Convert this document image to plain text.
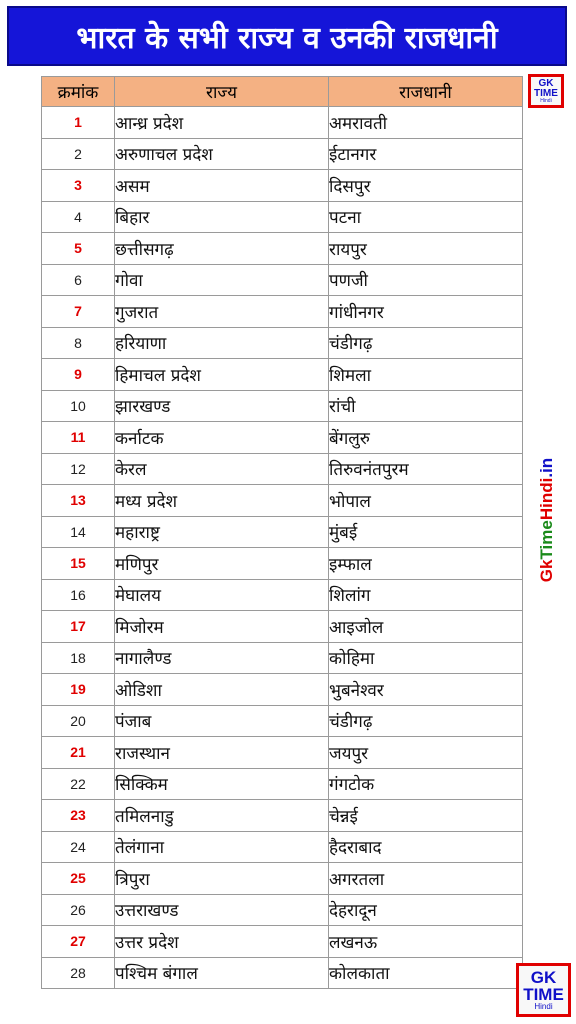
भारत के सभी राज्य व उनकी राजधानी
GK
TIME
Hindi
क्रमांक	राज्य	राजधानी
1	आन्ध्र प्रदेश	अमरावती
2	अरुणाचल प्रदेश	ईटानगर
3	असम	दिसपुर
4	बिहार	पटना
5	छत्तीसगढ़	रायपुर
6	गोवा	पणजी
7	गुजरात	गांधीनगर
8	हरियाणा	चंडीगढ़
9	हिमाचल प्रदेश	शिमला
10	झारखण्ड	रांची
11	कर्नाटक	बेंगलुरु
12	केरल	तिरुवनंतपुरम
13	मध्य प्रदेश	भोपाल
14	महाराष्ट्र	मुंबई
15	मणिपुर	इम्फाल
16	मेघालय	शिलांग
17	मिजोरम	आइजोल
18	नागालैण्ड	कोहिमा
19	ओडिशा	भुबनेश्वर
20	पंजाब	चंडीगढ़
21	राजस्थान	जयपुर
22	सिक्किम	गंगटोक
23	तमिलनाडु	चेन्नई
24	तेलंगाना	हैदराबाद
25	त्रिपुरा	अगरतला
26	उत्तराखण्ड	देहरादून
27	उत्तर प्रदेश	लखनऊ
28	पश्चिम बंगाल	कोलकाता
GkTimeHindi.in
GK
TIME
Hindi
